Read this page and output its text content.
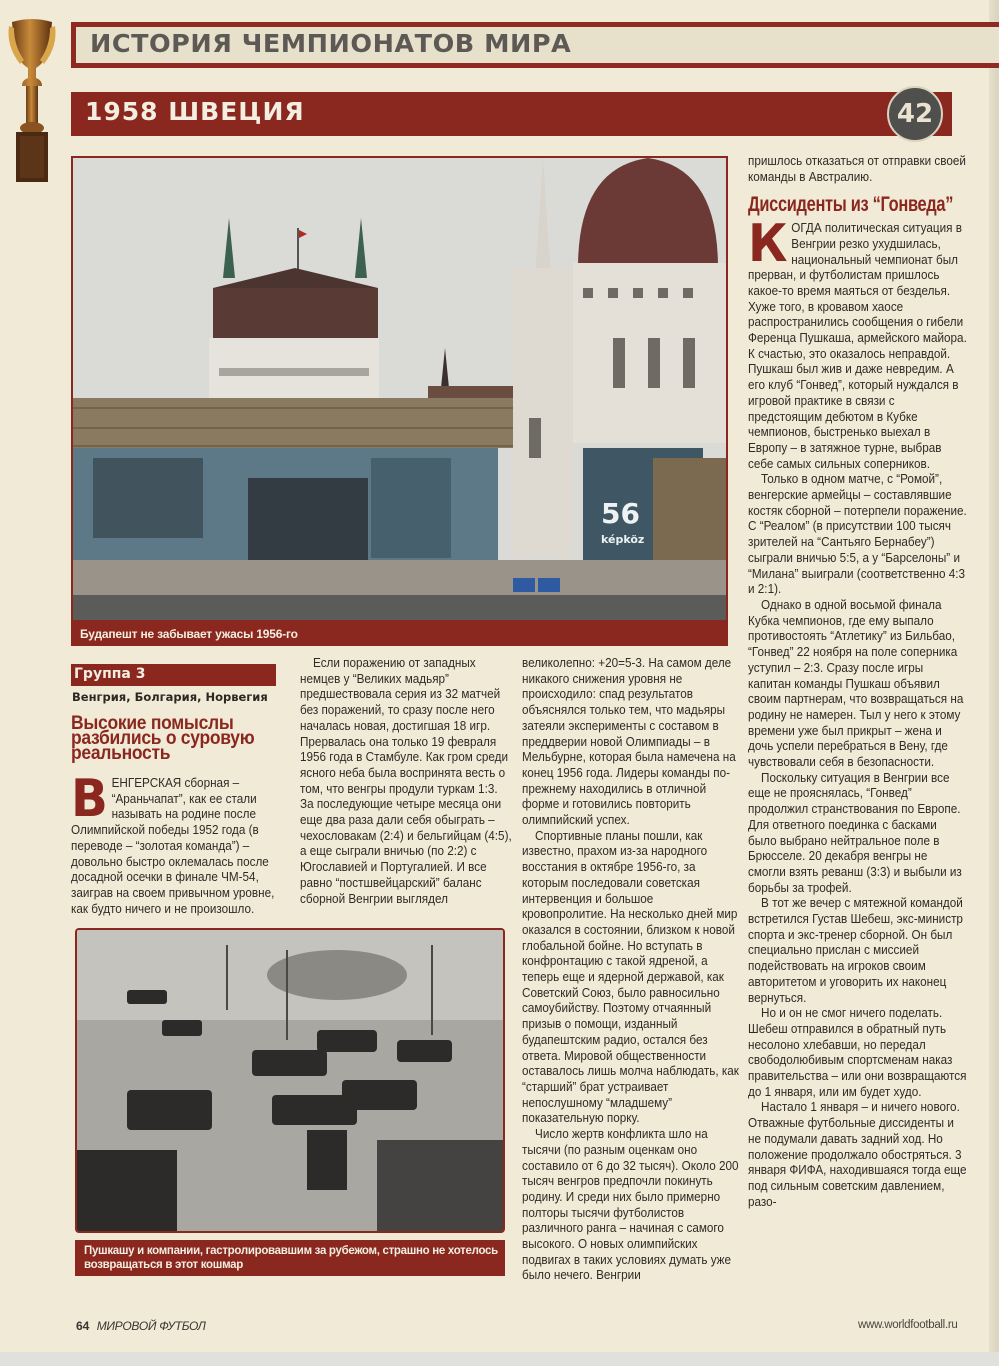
ИСТОРИЯ ЧЕМПИОНАТОВ МИРА
1958 ШВЕЦИЯ	42
56
képköz
Будапешт не забывает ужасы 1956-го
Группа 3
Венгрия, Болгария, Норвегия
Высокие помыслы разбились о суровую реальность

ВЕНГЕРСКАЯ сборная – “Араньчапат”, как ее стали называть на родине после Олимпийской победы 1952 года (в переводе – “золотая команда”) – довольно быстро оклемалась после досадной осечки в финале ЧМ-54, заиграв на своем привычном уровне, как будто ничего и не произошло.

Если поражению от западных немцев у “Великих мадьяр” предшествовала серия из 32 матчей без поражений, то сразу после него началась новая, достигшая 18 игр. Прервалась она только 19 февраля 1956 года в Стамбуле. Как гром среди ясного неба была воспринята весть о том, что венгры продули туркам 1:3. За последующие четыре месяца они еще два раза дали себя обыграть – чехословакам (2:4) и бельгийцам (4:5), а еще сыграли вничью (по 2:2) с Югославией и Португалией. И все равно “постшвейцарский” баланс сборной Венгрии выглядел

великолепно: +20=5-3. На самом деле никакого снижения уровня не происходило: спад результатов объяснялся только тем, что мадьяры затеяли эксперименты с составом в преддверии новой Олимпиады – в Мельбурне, которая была намечена на конец 1956 года. Лидеры команды по-прежнему находились в отличной форме и готовились повторить олимпийский успех.

Спортивные планы пошли, как известно, прахом из-за народного восстания в октябре 1956-го, за которым последовали советская интервенция и большое кровопролитие. На несколько дней мир оказался в состоянии, близком к новой глобальной бойне. Но вступать в конфронтацию с такой ядреной, а теперь еще и ядерной державой, как Советский Союз, было равносильно самоубийству. Поэтому отчаянный призыв о помощи, изданный будапештским радио, остался без ответа. Мировой общественности оставалось лишь молча наблюдать, как “старший” брат устраивает непослушному “младшему” показательную порку.

Число жертв конфликта шло на тысячи (по разным оценкам оно составило от 6 до 32 тысяч). Около 200 тысяч венгров предпочли покинуть родину. И среди них было примерно полторы тысячи футболистов различного ранга – начиная с самого высокого. О новых олимпийских подвигах в таких условиях думать уже было нечего. Венгрии

пришлось отказаться от отправки своей команды в Австралию.

Диссиденты из “Гонведа”

КОГДА политическая ситуация в Венгрии резко ухудшилась, национальный чемпионат был прерван, и футболистам пришлось какое-то время маяться от безделья. Хуже того, в кровавом хаосе распространились сообщения о гибели Ференца Пушкаша, армейского майора. К счастью, это оказалось неправдой. Пушкаш был жив и даже невредим. А его клуб “Гонвед”, который нуждался в игровой практике в связи с предстоящим дебютом в Кубке чемпионов, быстренько выехал в Европу – в затяжное турне, выбрав себе самых сильных соперников.

Только в одном матче, с “Ромой”, венгерские армейцы – составлявшие костяк сборной – потерпели поражение. С “Реалом” (в присутствии 100 тысяч зрителей на “Сантьяго Бернабеу”) сыграли вничью 5:5, а у “Барселоны” и “Милана” выиграли (соответственно 4:3 и 2:1).

Однако в одной восьмой финала Кубка чемпионов, где ему выпало противостоять “Атлетику” из Бильбао, “Гонвед” 22 ноября на поле соперника уступил – 2:3. Сразу после игры капитан команды Пушкаш объявил своим партнерам, что возвращаться на родину не намерен. Тыл у него к этому времени уже был прикрыт – жена и дочь успели перебраться в Вену, где чувствовали себя в безопасности.

Поскольку ситуация в Венгрии все еще не прояснялась, “Гонвед” продолжил странствования по Европе. Для ответного поединка с басками было выбрано нейтральное поле в Брюсселе. 20 декабря венгры не смогли взять реванш (3:3) и выбыли из борьбы за трофей.

В тот же вечер с мятежной командой встретился Густав Шебеш, экс-министр спорта и экс-тренер сборной. Он был специально прислан с миссией подействовать на игроков своим авторитетом и уговорить их наконец вернуться.

Но и он не смог ничего поделать. Шебеш отправился в обратный путь несолоно хлебавши, но передал свободолюбивым спортсменам наказ правительства – или они возвращаются до 1 января, или им будет худо.

Настало 1 января – и ничего нового. Отважные футбольные диссиденты и не подумали давать задний ход. Но положение продолжало обостряться. 3 января ФИФА, находившаяся тогда еще под сильным советским давлением, разо-

Пушкашу и компании, гастролировавшим за рубежом, страшно не хотелось
возвращаться в этот кошмар
64 МИРОВОЙ ФУТБОЛ	www.worldfootball.ru
